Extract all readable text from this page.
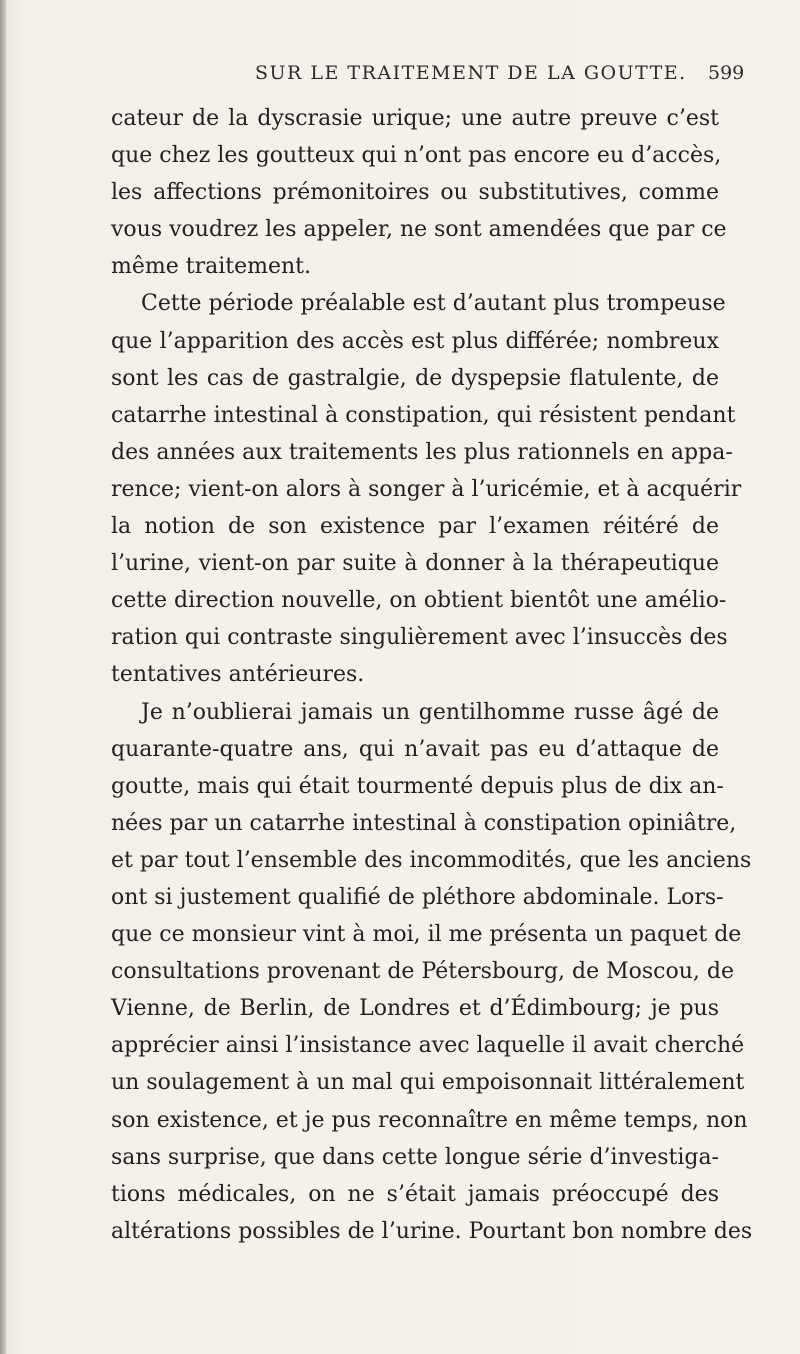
SUR LE TRAITEMENT DE LA GOUTTE. 599
cateur de la dyscrasie urique; une autre preuve c’est
que chez les goutteux qui n’ont pas encore eu d’accès,
les affections prémonitoires ou substitutives, comme
vous voudrez les appeler, ne sont amendées que par ce
même traitement.
Cette période préalable est d’autant plus trompeuse
que l’apparition des accès est plus différée; nombreux
sont les cas de gastralgie, de dyspepsie flatulente, de
catarrhe intestinal à constipation, qui résistent pendant
des années aux traitements les plus rationnels en appa-
rence; vient-on alors à songer à l’uricémie, et à acquérir
la notion de son existence par l’examen réitéré de
l’urine, vient-on par suite à donner à la thérapeutique
cette direction nouvelle, on obtient bientôt une amélio-
ration qui contraste singulièrement avec l’insuccès des
tentatives antérieures.
Je n’oublierai jamais un gentilhomme russe âgé de
quarante-quatre ans, qui n’avait pas eu d’attaque de
goutte, mais qui était tourmenté depuis plus de dix an-
nées par un catarrhe intestinal à constipation opiniâtre,
et par tout l’ensemble des incommodités, que les anciens
ont si justement qualifié de pléthore abdominale. Lors-
que ce monsieur vint à moi, il me présenta un paquet de
consultations provenant de Pétersbourg, de Moscou, de
Vienne, de Berlin, de Londres et d’Édimbourg; je pus
apprécier ainsi l’insistance avec laquelle il avait cherché
un soulagement à un mal qui empoisonnait littéralement
son existence, et je pus reconnaître en même temps, non
sans surprise, que dans cette longue série d’investiga-
tions médicales, on ne s’était jamais préoccupé des
altérations possibles de l’urine. Pourtant bon nombre des
